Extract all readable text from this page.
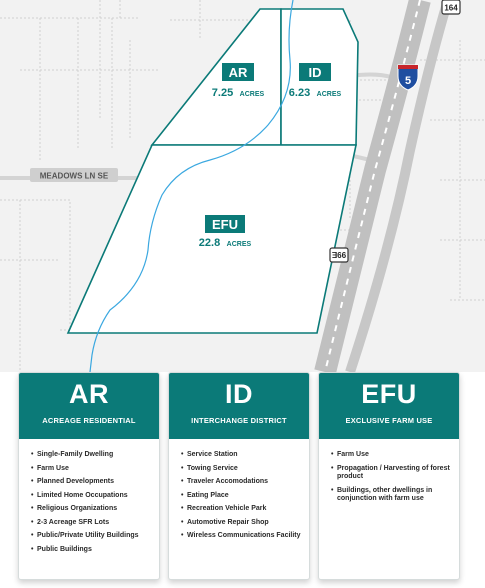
MEADOWS LN SE
164
5
99E
AR
7.25 ACRES
ID
6.23 ACRES
EFU
22.8 ACRES
AR
ACREAGE RESIDENTIAL
• Single-Family Dwelling
• Farm Use
• Planned Developments
• Limited Home Occupations
• Religious Organizations
• 2-3 Acreage SFR Lots
• Public/Private Utility Buildings
• Public Buildings
ID
INTERCHANGE DISTRICT
• Service Station
• Towing Service
• Traveler Accomodations
• Eating Place
• Recreation Vehicle Park
• Automotive Repair Shop
• Wireless Communications Facility
EFU
EXCLUSIVE FARM USE
• Farm Use
• Propagation / Harvesting of forest product
• Buildings, other dwellings in conjunction with farm use
